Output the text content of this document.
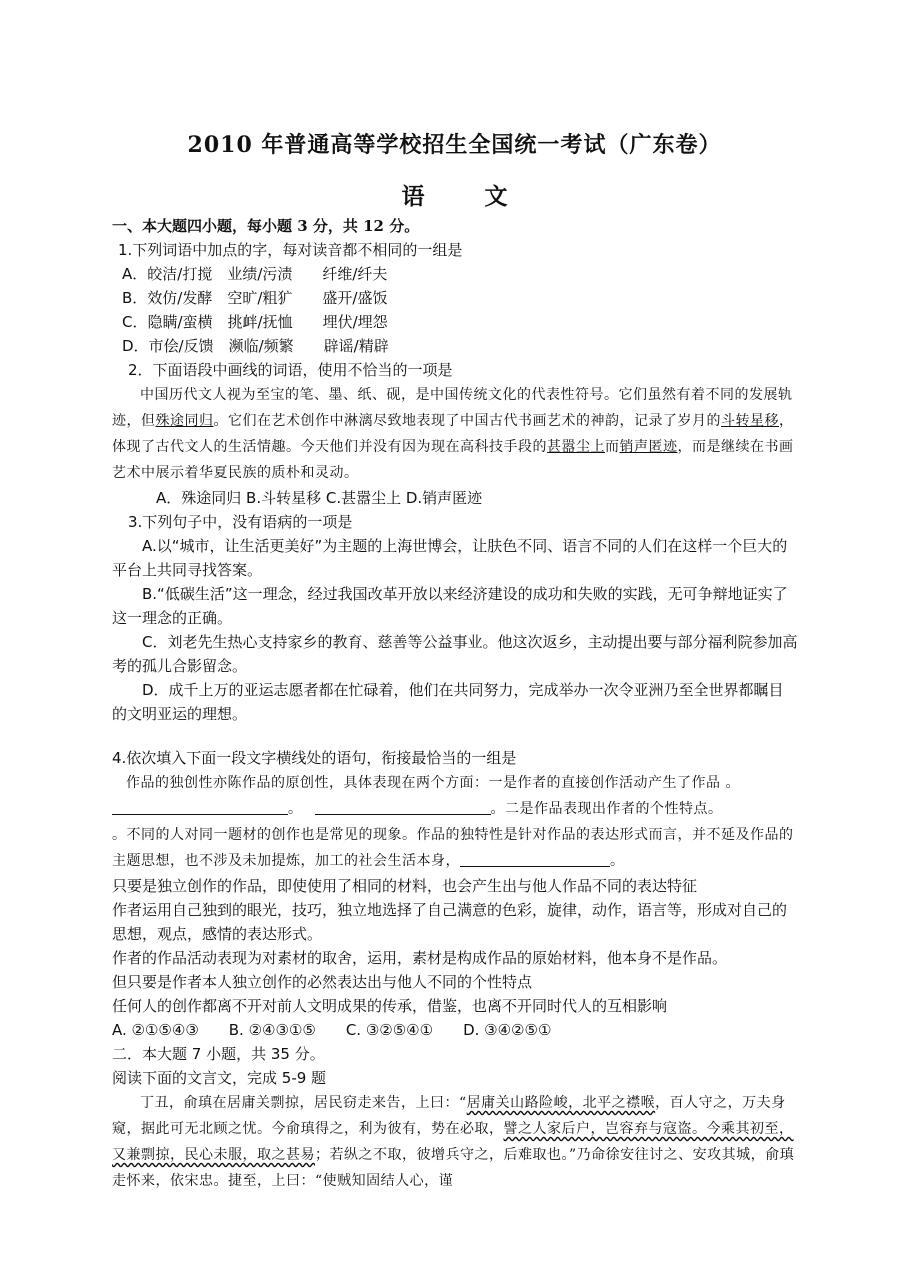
2010 年普通高等学校招生全国统一考试（广东卷）
语文

一、本大题四小题，每小题 3 分，共 12 分。

1.下列词语中加点的字，每对读音都不相同的一组是

A．皎洁/打搅　业绩/污渍　　纤维/纤夫

B．效仿/发酵　空旷/粗犷　　盛开/盛饭

C．隐瞒/蛮横　挑衅/抚恤　　埋伏/埋怨

D．市侩/反馈　濒临/频繁　　辟谣/精辟

2．下面语段中画线的词语，使用不恰当的一项是

中国历代文人视为至宝的笔、墨、纸、砚，是中国传统文化的代表性符号。它们虽然有着不同的发展轨迹，但殊途同归。它们在艺术创作中淋漓尽致地表现了中国古代书画艺术的神韵，记录了岁月的斗转星移，体现了古代文人的生活情趣。今天他们并没有因为现在高科技手段的甚嚣尘上而销声匿迹，而是继续在书画艺术中展示着华夏民族的质朴和灵动。

A．殊途同归 B.斗转星移 C.甚嚣尘上 D.销声匿迹

3.下列句子中，没有语病的一项是

A.以“城市，让生活更美好”为主题的上海世博会，让肤色不同、语言不同的人们在这样一个巨大的平台上共同寻找答案。

B.“低碳生活”这一理念，经过我国改革开放以来经济建设的成功和失败的实践，无可争辩地证实了这一理念的正确。

C．刘老先生热心支持家乡的教育、慈善等公益事业。他这次返乡，主动提出要与部分福利院参加高考的孤儿合影留念。

D．成千上万的亚运志愿者都在忙碌着，他们在共同努力，完成举办一次令亚洲乃至全世界都瞩目的文明亚运的理想。

4.依次填入下面一段文字横线处的语句，衔接最恰当的一组是

作品的独创性亦陈作品的原创性，具体表现在两个方面：一是作者的直接创作活动产生了作品 。
。	。二是作品表现出作者的个性特点。
。不同的人对同一题材的创作也是常见的现象。作品的独特性是针对作品的表达形式而言，并不延及作品的主题思想，也不涉及未加提炼，加工的社会生活本身，	。

只要是独立创作的作品，即使使用了相同的材料，也会产生出与他人作品不同的表达特征

作者运用自己独到的眼光，技巧，独立地选择了自己满意的色彩，旋律，动作，语言等，形成对自己的思想，观点，感情的表达形式。

作者的作品活动表现为对素材的取舍，运用，素材是构成作品的原始材料，他本身不是作品。

但只要是作者本人独立创作的必然表达出与他人不同的个性特点

任何人的创作都离不开对前人文明成果的传承，借鉴，也离不开同时代人的互相影响

A. ②①⑤④③　　B. ②④③①⑤　　C. ③②⑤④①　　D. ③④②⑤①

二．本大题 7 小题，共 35 分。

阅读下面的文言文，完成 5-9 题

丁丑，俞瑱在居庸关剽掠，居民窃走来告，上曰：“居庸关山路险峻，北平之襟喉，百人守之，万夫身窥，据此可无北顾之忧。今俞瑱得之，利为彼有，势在必取，譬之人家后户，岂容弃与寇盗。今乘其初至，又兼剽掠，民心未服，取之甚易；若纵之不取，彼增兵守之，后难取也。”乃命徐安往讨之、安攻其城，俞瑱走怀来，依宋忠。捷至，上曰：“使贼知固结人心，谨
